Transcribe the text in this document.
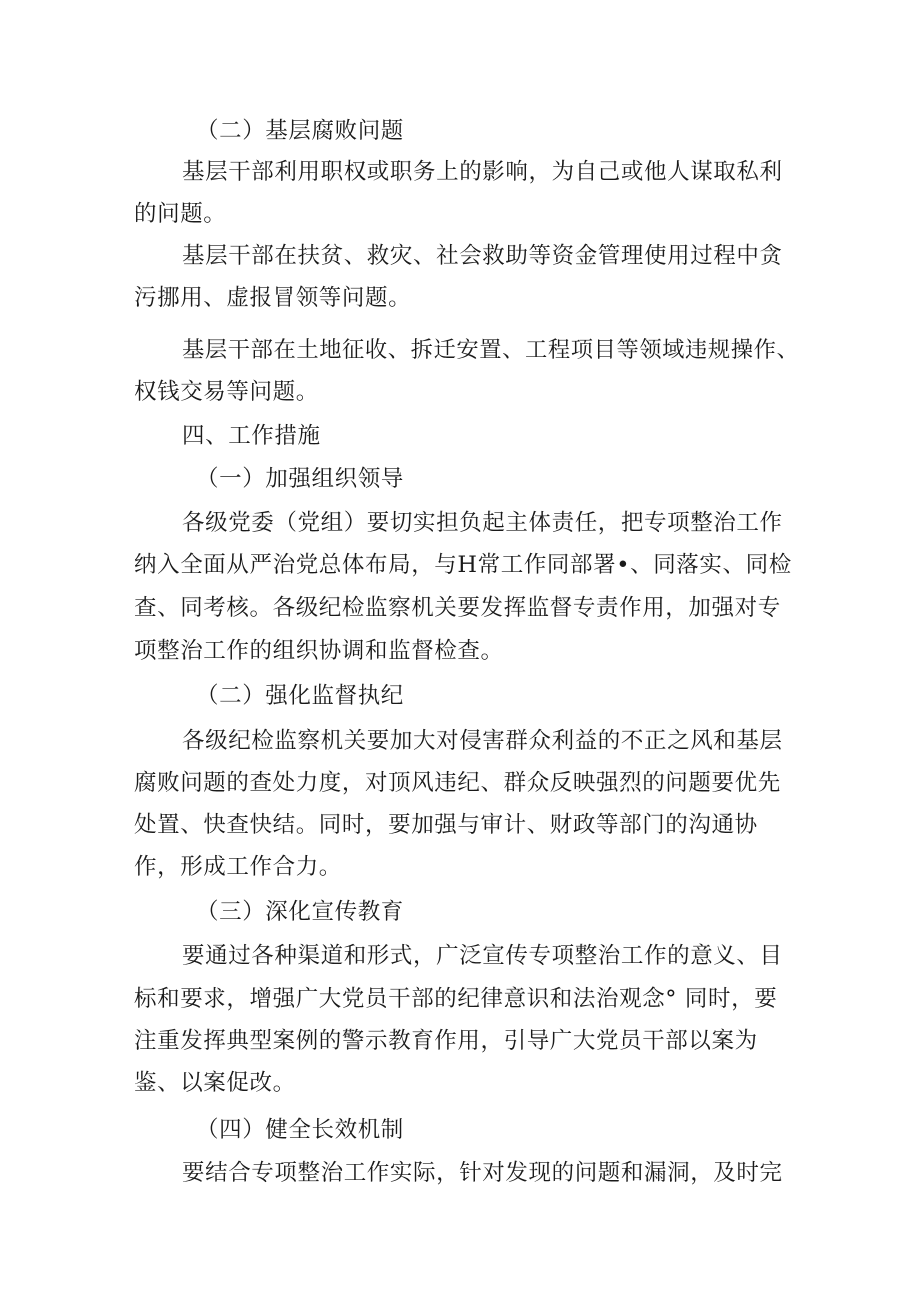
（二）基层腐败问题

基层干部利用职权或职务上的影响，为自己或他人谋取私利

的问题。

基层干部在扶贫、救灾、社会救助等资金管理使用过程中贪

污挪用、虚报冒领等问题。

基层干部在土地征收、拆迁安置、工程项目等领域违规操作、

权钱交易等问题。

四、工作措施

（一）加强组织领导

各级党委（党组）要切实担负起主体责任，把专项整治工作

纳入全面从严治党总体布局，与H常工作同部署•、同落实、同检

查、同考核。各级纪检监察机关要发挥监督专责作用，加强对专

项整治工作的组织协调和监督检查。

（二）强化监督执纪

各级纪检监察机关要加大对侵害群众利益的不正之风和基层

腐败问题的查处力度，对顶风违纪、群众反映强烈的问题要优先

处置、快查快结。同时，要加强与审计、财政等部门的沟通协

作，形成工作合力。

（三）深化宣传教育

要通过各种渠道和形式，广泛宣传专项整治工作的意义、目

标和要求，增强广大党员干部的纪律意识和法治观念° 同时，要

注重发挥典型案例的警示教育作用，引导广大党员干部以案为

鉴、以案促改。

（四）健全长效机制

要结合专项整治工作实际，针对发现的问题和漏洞，及时完
